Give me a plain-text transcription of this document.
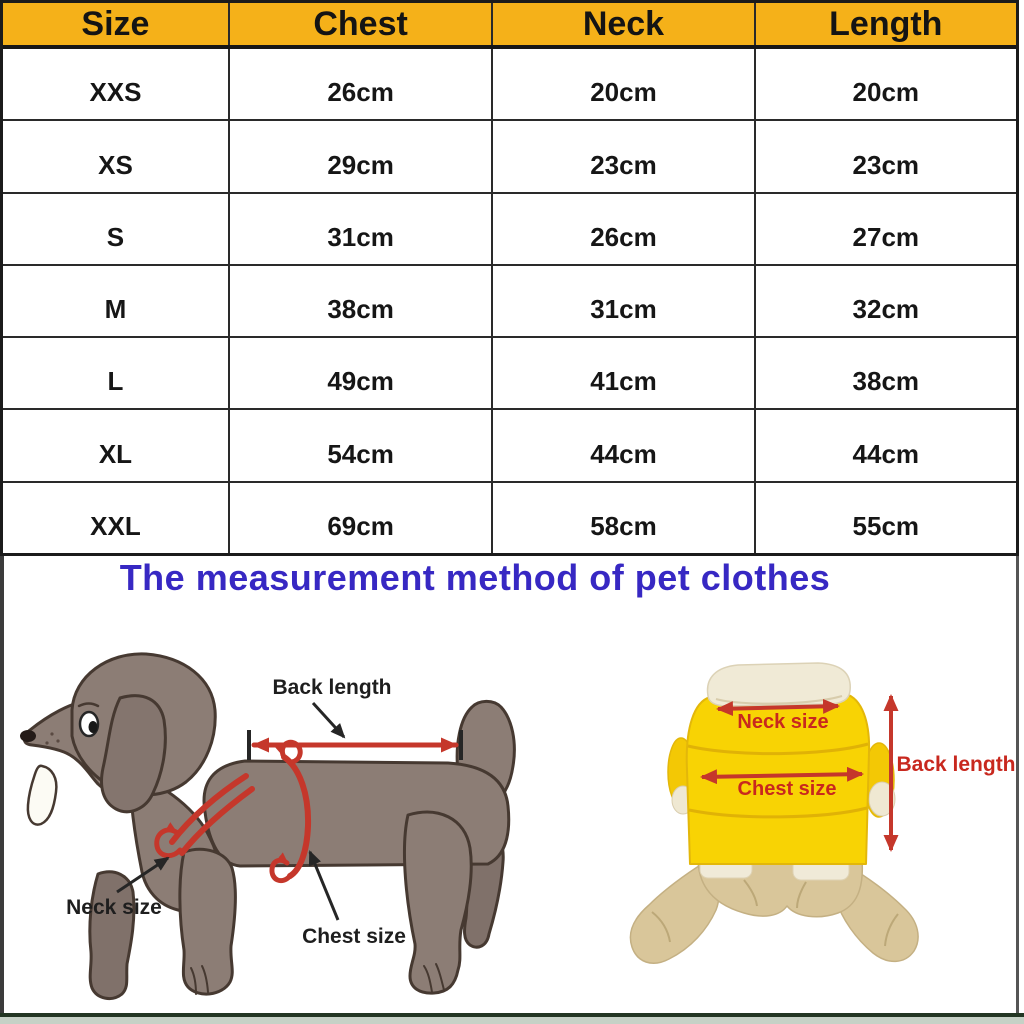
Size	Chest	Neck	Length
XXS	26cm	20cm	20cm
XS	29cm	23cm	23cm
S	31cm	26cm	27cm
M	38cm	31cm	32cm
L	49cm	41cm	38cm
XL	54cm	44cm	44cm
XXL	69cm	58cm	55cm
The measurement method of pet clothes
Back length
Neck size
Chest size
Neck size
Chest size
Back length
